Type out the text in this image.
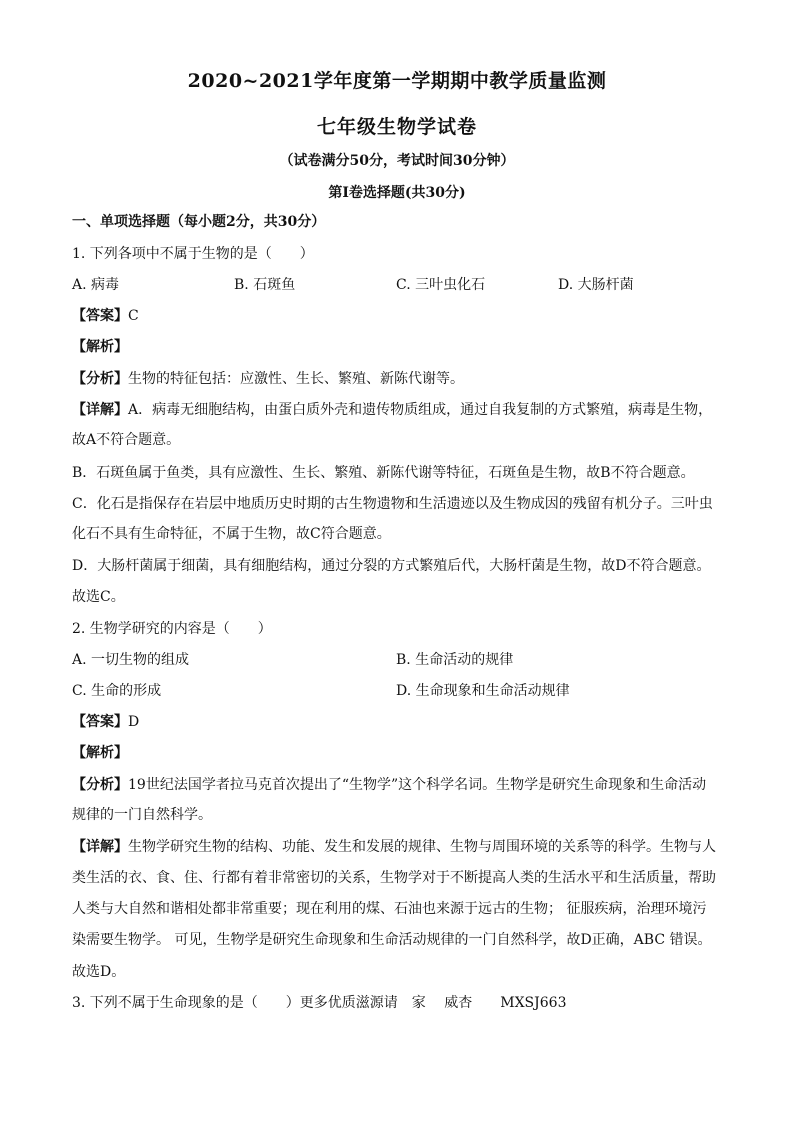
2020~2021学年度第一学期期中教学质量监测
七年级生物学试卷
（试卷满分50分，考试时间30分钟）
第Ⅰ卷选择题(共30分)
一、单项选择题（每小题2分，共30分）
1. 下列各项中不属于生物的是（　　）
A. 病毒	B. 石斑鱼	C. 三叶虫化石	D. 大肠杆菌
【答案】C
【解析】
【分析】生物的特征包括：应激性、生长、繁殖、新陈代谢等。
【详解】A．病毒无细胞结构，由蛋白质外壳和遗传物质组成，通过自我复制的方式繁殖，病毒是生物，
故A不符合题意。
B．石斑鱼属于鱼类，具有应激性、生长、繁殖、新陈代谢等特征，石斑鱼是生物，故B不符合题意。
C．化石是指保存在岩层中地质历史时期的古生物遗物和生活遗迹以及生物成因的残留有机分子。三叶虫
化石不具有生命特征，不属于生物，故C符合题意。
D．大肠杆菌属于细菌，具有细胞结构，通过分裂的方式繁殖后代，大肠杆菌是生物，故D不符合题意。
故选C。
2. 生物学研究的内容是（　　）
A. 一切生物的组成	B. 生命活动的规律
C. 生命的形成	D. 生命现象和生命活动规律
【答案】D
【解析】
【分析】19世纪法国学者拉马克首次提出了“生物学”这个科学名词。生物学是研究生命现象和生命活动
规律的一门自然科学。
【详解】生物学研究生物的结构、功能、发生和发展的规律、生物与周围环境的关系等的科学。生物与人
类生活的衣、食、住、行都有着非常密切的关系，生物学对于不断提高人类的生活水平和生活质量，帮助
人类与大自然和谐相处都非常重要；现在利用的煤、石油也来源于远古的生物； 征服疾病，治理环境污
染需要生物学。 可见，生物学是研究生命现象和生命活动规律的一门自然科学，故D正确，ABC 错误。
故选D。
3. 下列不属于生命现象的是（　　）更多优质滋源请　家　 威杏　　MXSJ663
